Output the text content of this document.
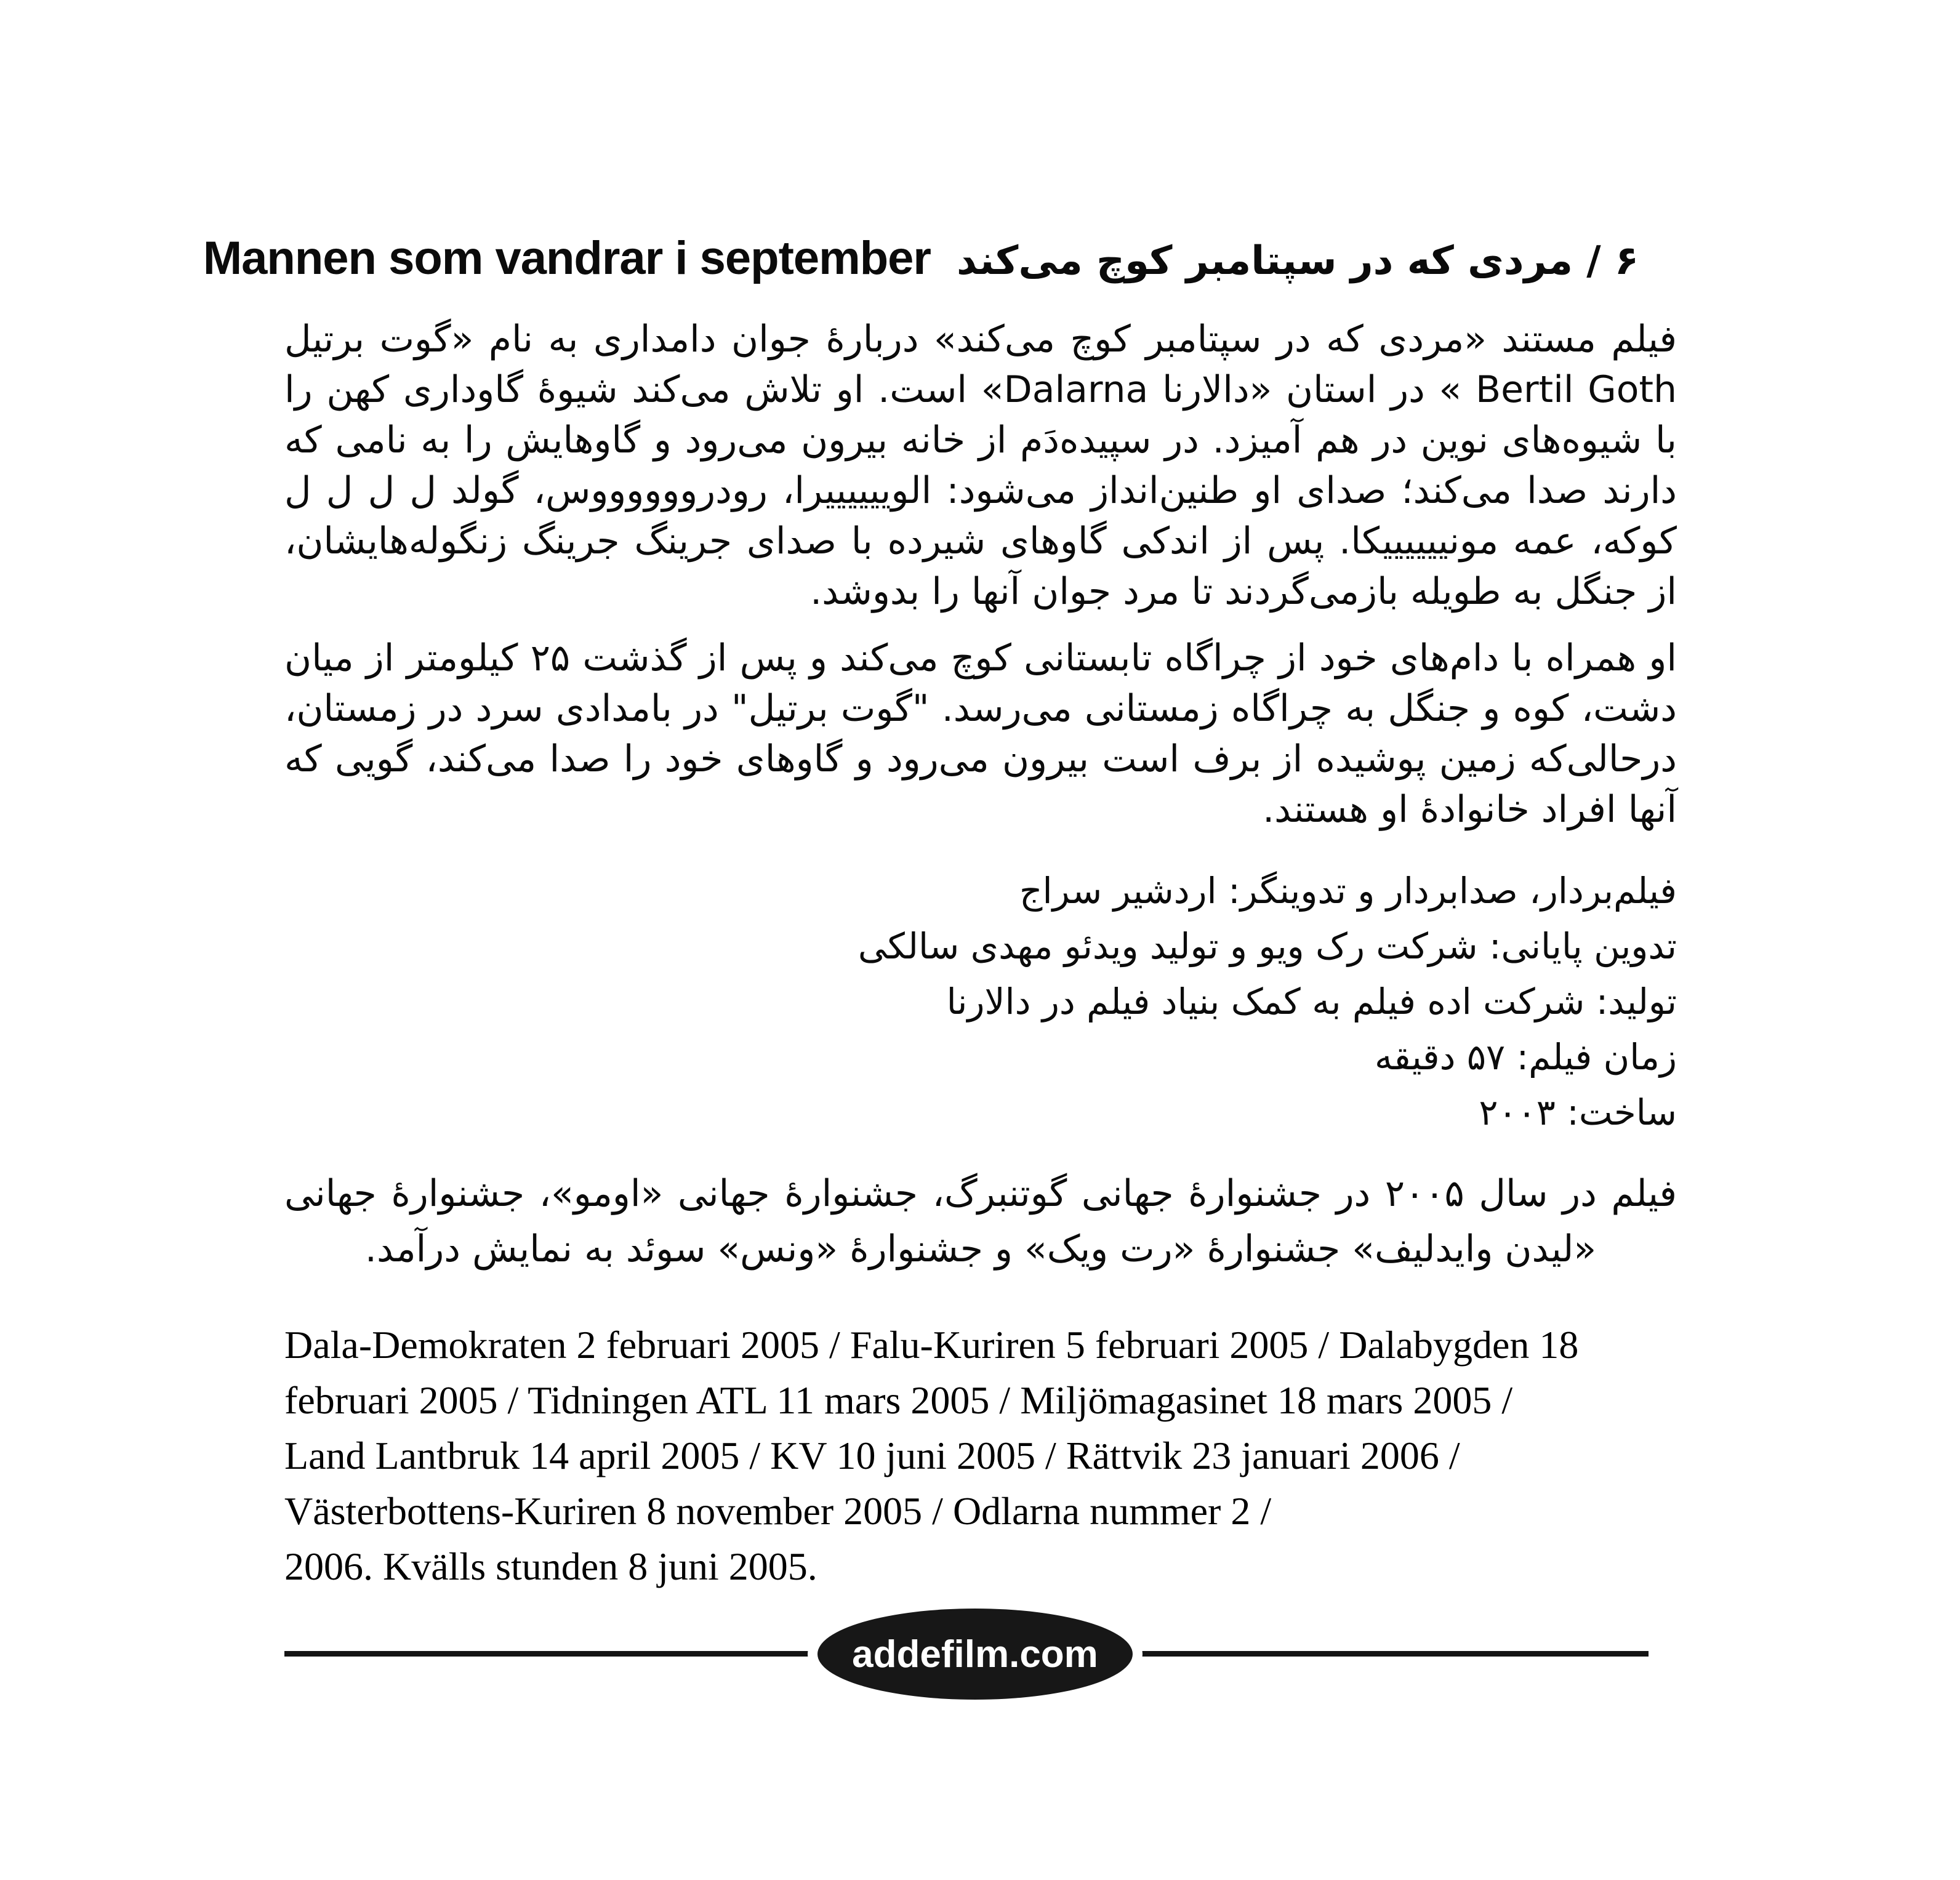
Mannen som vandrar i september ۶ / مردی که در سپتامبر کوچ می‌کند
فیلم مستند «مردی که در سپتامبر کوچ می‌کند» دربارهٔ جوان دامداری به نام «گوت برتیل Bertil Goth » در استان «دالارنا Dalarna» است. او تلاش می‌کند شیوهٔ گاوداری کهن را با شیوه‌های نوین در هم آمیزد. در سپیده‌دَم از خانه بیرون می‌رود و گاوهایش را به نامی که دارند صدا می‌کند؛ صدای او طنین‌انداز می‌شود: الوییییییرا، رودرووووووس، گولد ل ل ل ل کوکه، عمه مونییییییکا. پس از اندکی گاوهای شیرده با صدای جرینگ جرینگ زنگوله‌هایشان، از جنگل به طویله بازمی‌گردند تا مرد جوان آنها را بدوشد.
او همراه با دام‌های خود از چراگاه تابستانی کوچ می‌کند و پس از گذشت ۲۵ کیلومتر از میان دشت، کوه و جنگل به چراگاه زمستانی می‌رسد. "گوت برتیل" در بامدادی سرد در زمستان، درحالی‌که زمین پوشیده از برف است بیرون می‌رود و گاوهای خود را صدا می‌کند، گویی که آنها افراد خانوادهٔ او هستند.
فیلم‌بردار، صدابردار و تدوینگر: اردشیر سراج
تدوین پایانی: شرکت رک ویو و تولید ویدئو مهدی سالکی
تولید: شرکت اده فیلم به کمک بنیاد فیلم در دالارنا
زمان فیلم: ۵۷ دقیقه
ساخت: ۲۰۰۳
فیلم در سال ۲۰۰۵ در جشنوارهٔ جهانی گوتنبرگ، جشنوارهٔ جهانی «اومو»، جشنوارهٔ جهانی «لیدن وایدلیف» جشنوارهٔ «رت ویک» و جشنوارهٔ «ونس» سوئد به نمایش درآمد.
Dala-Demokraten 2 februari 2005 / Falu-Kuriren 5 februari 2005 / Dalabygden 18
februari 2005 / Tidningen ATL 11 mars 2005 / Miljömagasinet 18 mars 2005 /
Land Lantbruk 14 april 2005 / KV 10 juni 2005 / Rättvik 23 januari 2006 /
Västerbottens-Kuriren 8 november 2005 / Odlarna nummer 2 /
2006. Kvälls stunden 8 juni 2005.
addefilm.com
